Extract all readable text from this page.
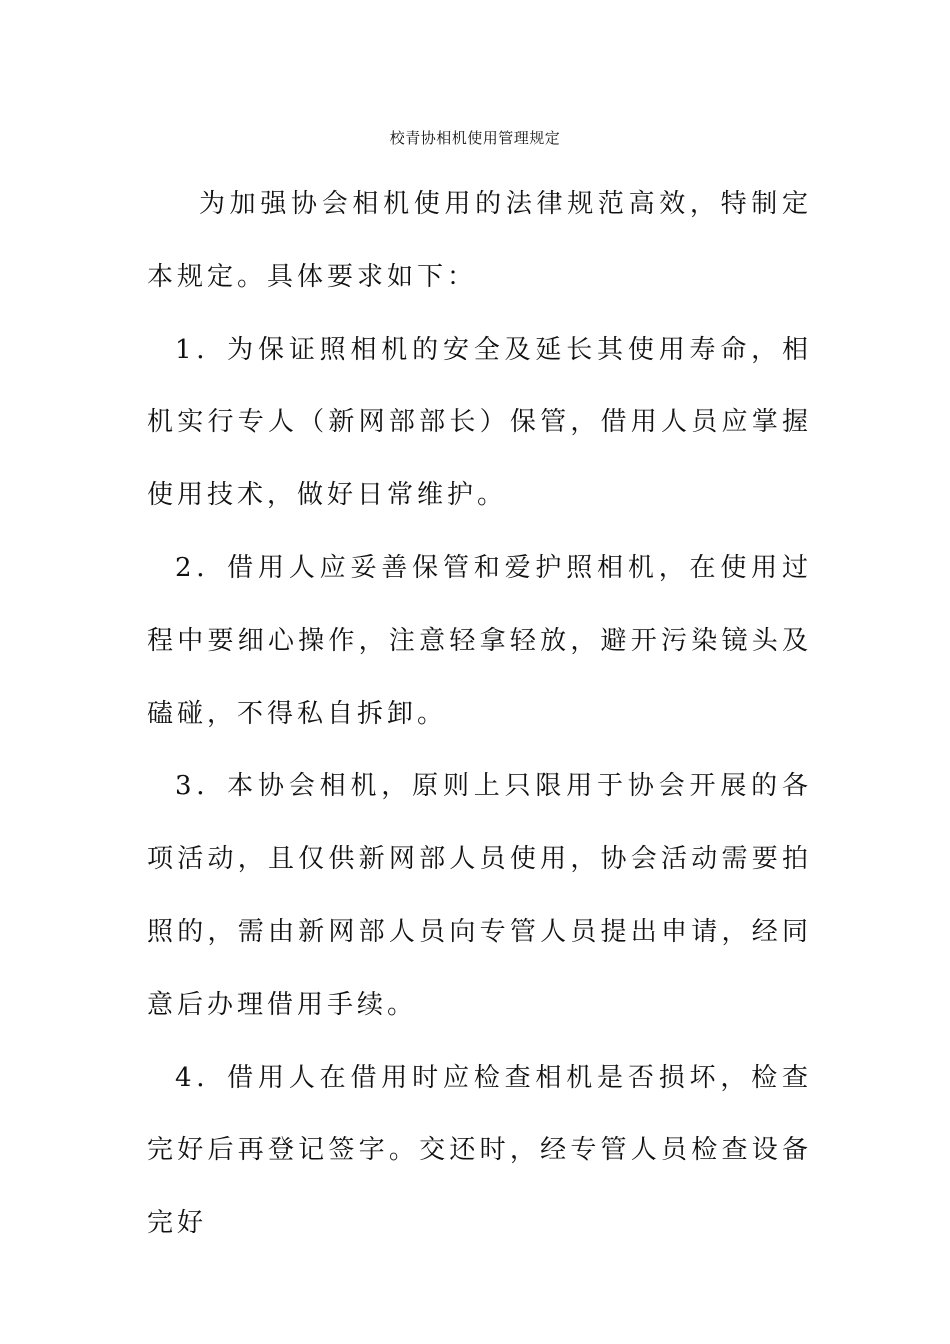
校青协相机使用管理规定

为加强协会相机使用的法律规范高效，特制定本规定。具体要求如下：

1．为保证照相机的安全及延长其使用寿命，相机实行专人（新网部部长）保管，借用人员应掌握使用技术，做好日常维护。

2．借用人应妥善保管和爱护照相机，在使用过程中要细心操作，注意轻拿轻放，避开污染镜头及磕碰，不得私自拆卸。

3．本协会相机，原则上只限用于协会开展的各项活动，且仅供新网部人员使用，协会活动需要拍照的，需由新网部人员向专管人员提出申请，经同意后办理借用手续。

4．借用人在借用时应检查相机是否损坏，检查完好后再登记签字。交还时，经专管人员检查设备完好
